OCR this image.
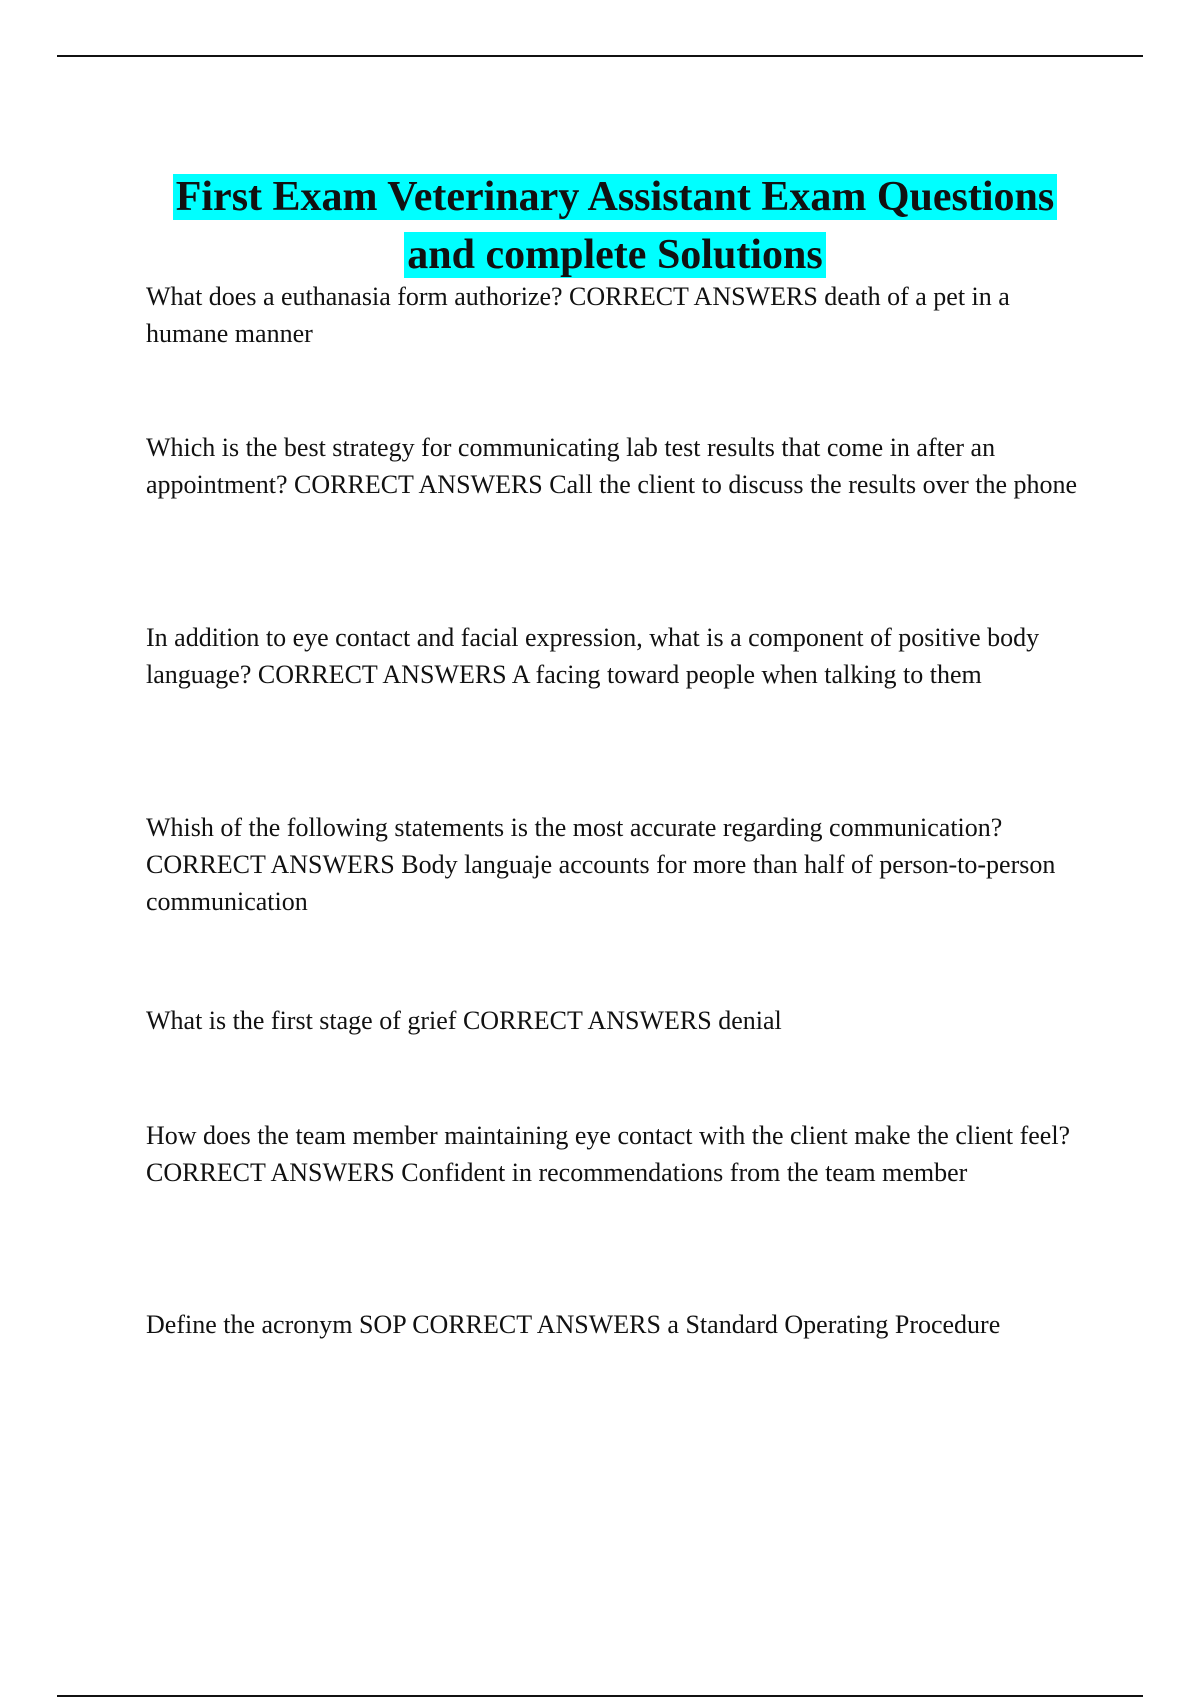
First Exam Veterinary Assistant Exam Questions and complete Solutions

What does a euthanasia form authorize? CORRECT ANSWERS death of a pet in a humane manner

Which is the best strategy for communicating lab test results that come in after an appointment? CORRECT ANSWERS Call the client to discuss the results over the phone

In addition to eye contact and facial expression, what is a component of positive body language? CORRECT ANSWERS A facing toward people when talking to them

Whish of the following statements is the most accurate regarding communication? CORRECT ANSWERS Body languaje accounts for more than half of person-to-person communication

What is the first stage of grief CORRECT ANSWERS denial

How does the team member maintaining eye contact with the client make the client feel? CORRECT ANSWERS Confident in recommendations from the team member

Define the acronym SOP CORRECT ANSWERS a Standard Operating Procedure
